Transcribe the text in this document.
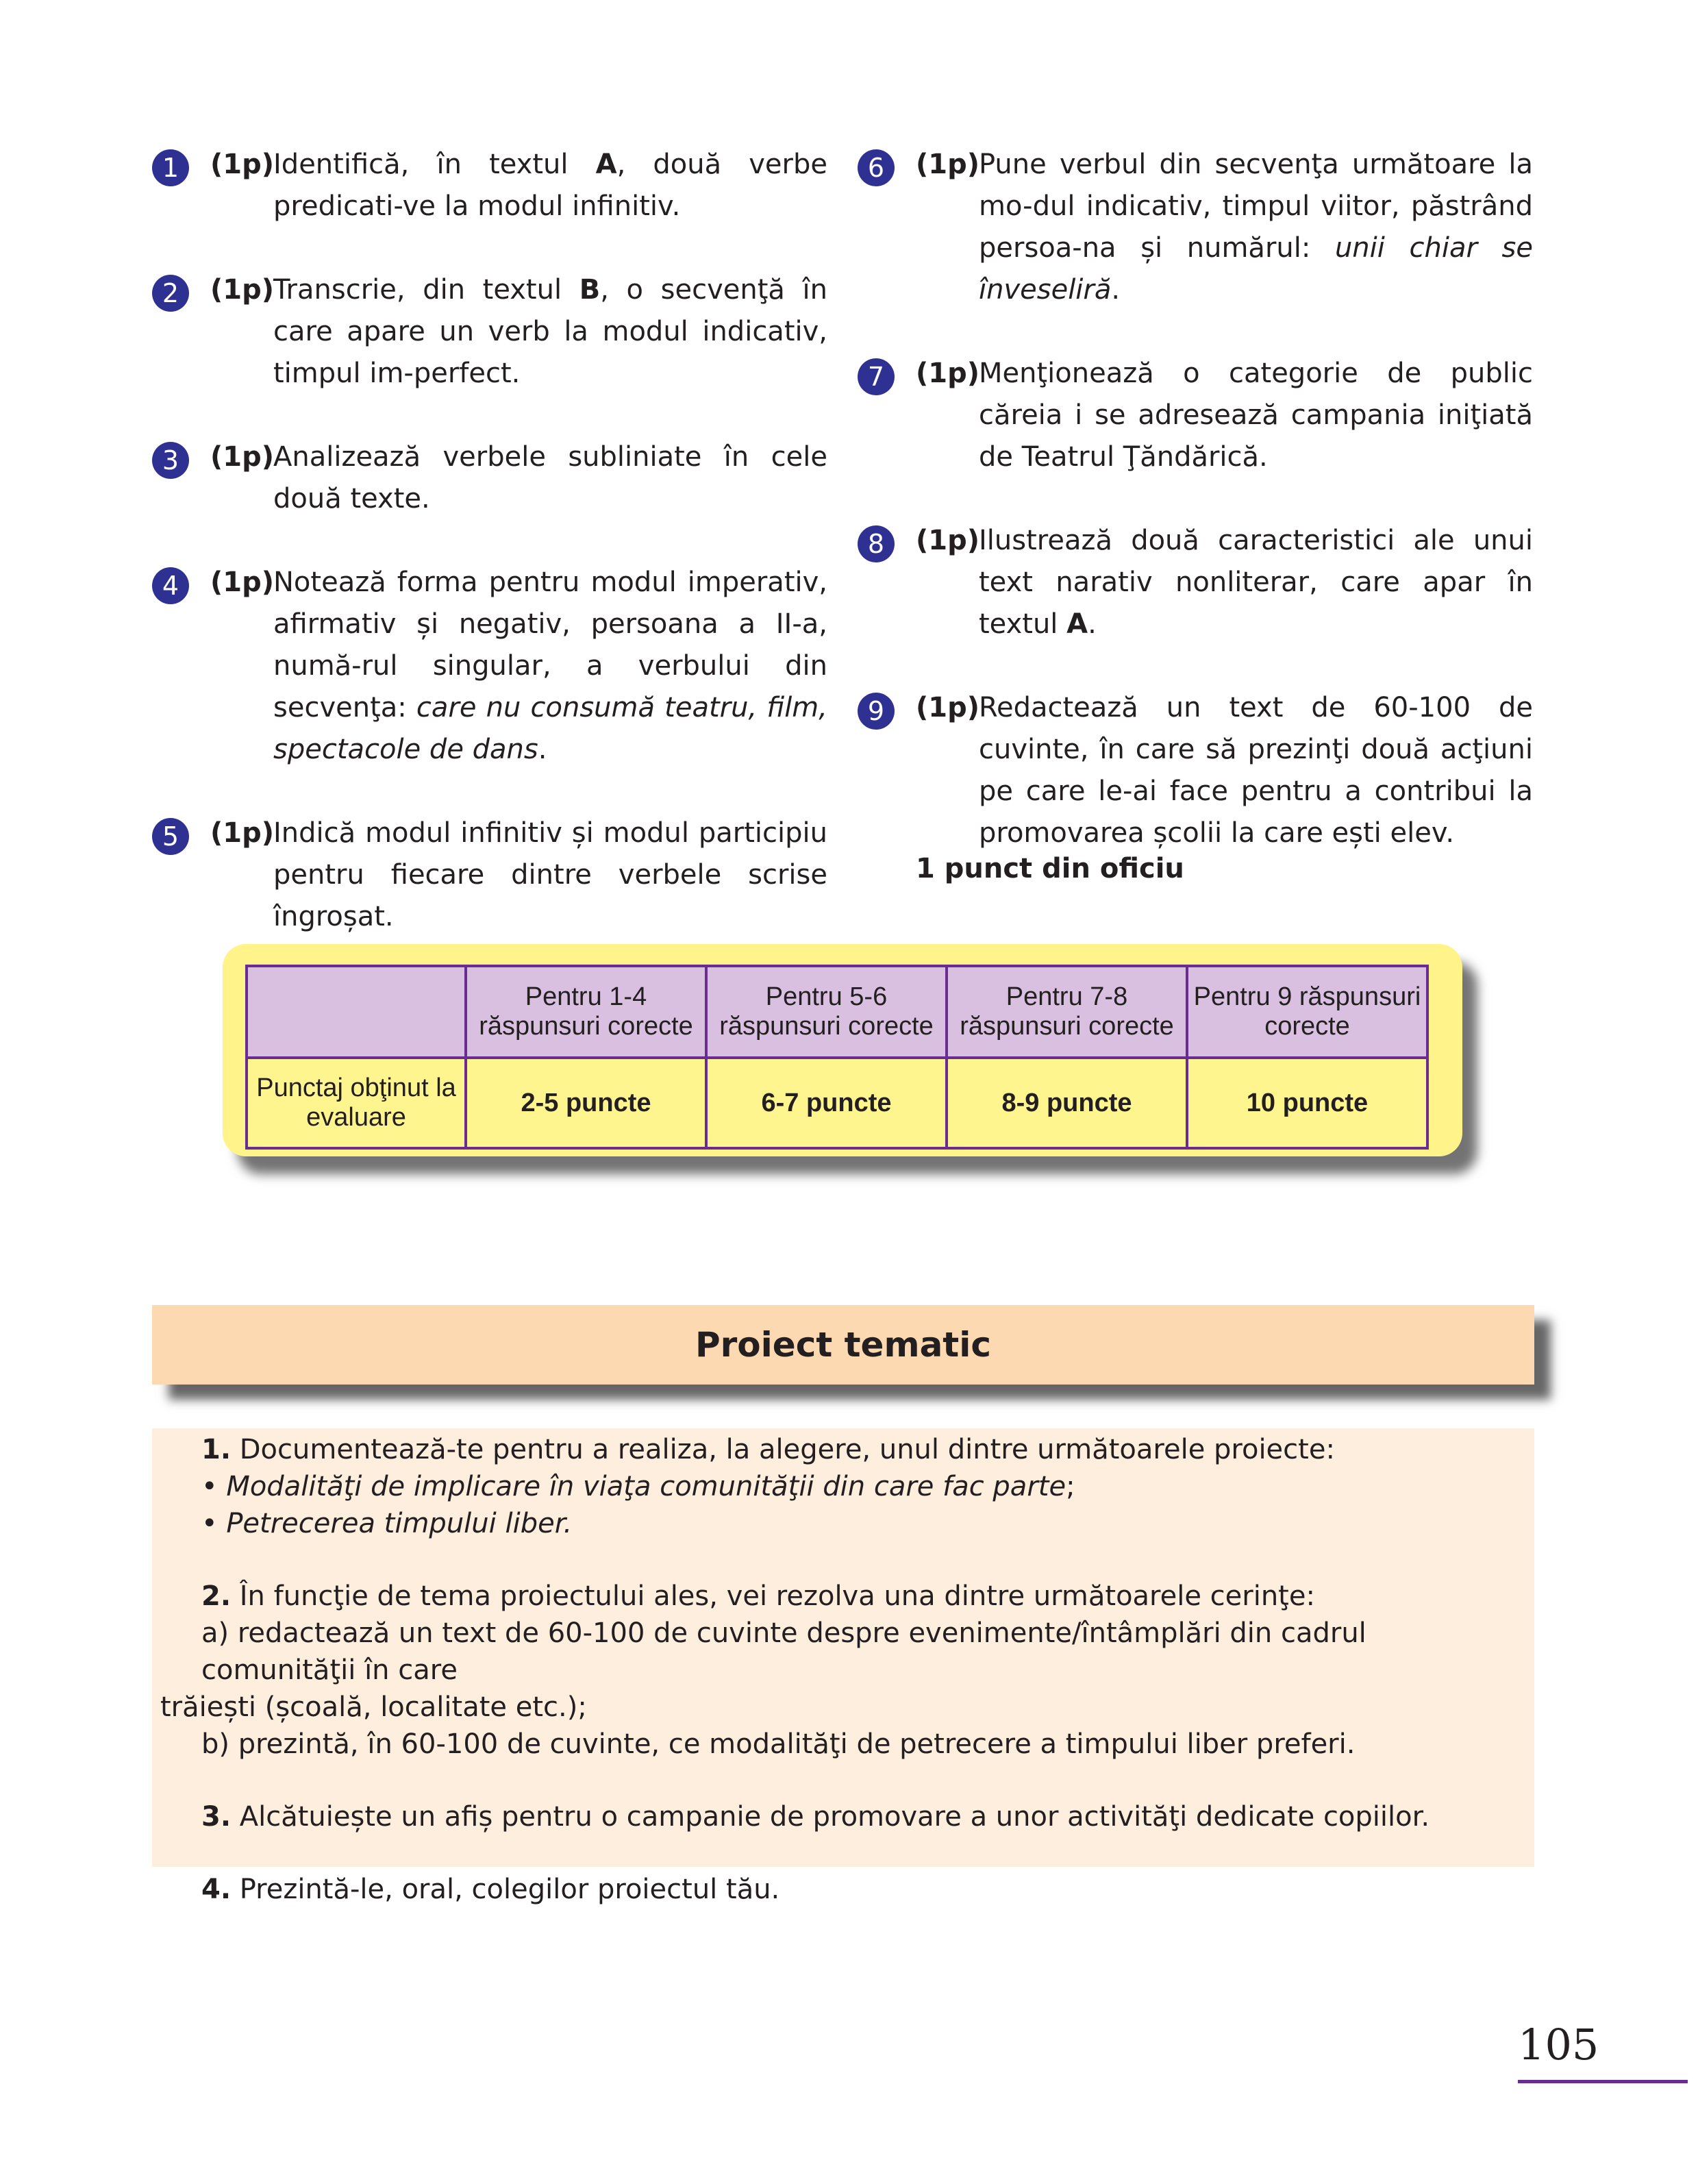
1	(1p)
Identifică, în textul A, două verbe predicati-ve la modul infinitiv.
2	(1p)
Transcrie, din textul B, o secvenţă în care apare un verb la modul indicativ, timpul im-perfect.
3	(1p)
Analizează verbele subliniate în cele două texte.
4	(1p)
Notează forma pentru modul imperativ, afirmativ și negativ, persoana a II-a, numă-rul singular, a verbului din secvenţa: care nu consumă teatru, film, spectacole de dans.
5	(1p)
Indică modul infinitiv și modul participiu pentru fiecare dintre verbele scrise îngroșat.
6	(1p)
Pune verbul din secvenţa următoare la mo-dul indicativ, timpul viitor, păstrând persoa-na și numărul: unii chiar se înveseliră.
7	(1p)
Menţionează o categorie de public căreia i se adresează campania iniţiată de Teatrul Ţăndărică.
8	(1p)
Ilustrează două caracteristici ale unui text narativ nonliterar, care apar în textul A.
9	(1p)
Redactează un text de 60-100 de cuvinte, în care să prezinţi două acţiuni pe care le-ai face pentru a contribui la promovarea școlii la care ești elev.
1 punct din oficiu
	Pentru 1-4 răspunsuri corecte	Pentru 5-6 răspunsuri corecte	Pentru 7-8 răspunsuri corecte	Pentru 9 răspunsuri corecte
Punctaj obţinut la evaluare	2-5 puncte	6-7 puncte	8-9 puncte	10 puncte
Proiect tematic

1. Documentează-te pentru a realiza, la alegere, unul dintre următoarele proiecte:

• Modalităţi de implicare în viaţa comunităţii din care fac parte;

• Petrecerea timpului liber.

2. În funcţie de tema proiectului ales, vei rezolva una dintre următoarele cerinţe:

a) redactează un text de 60-100 de cuvinte despre evenimente/întâmplări din cadrul comunităţii în care

trăiești (școală, localitate etc.);

b) prezintă, în 60-100 de cuvinte, ce modalităţi de petrecere a timpului liber preferi.

3. Alcătuiește un afiș pentru o campanie de promovare a unor activităţi dedicate copiilor.

4. Prezintă-le, oral, colegilor proiectul tău.

105
